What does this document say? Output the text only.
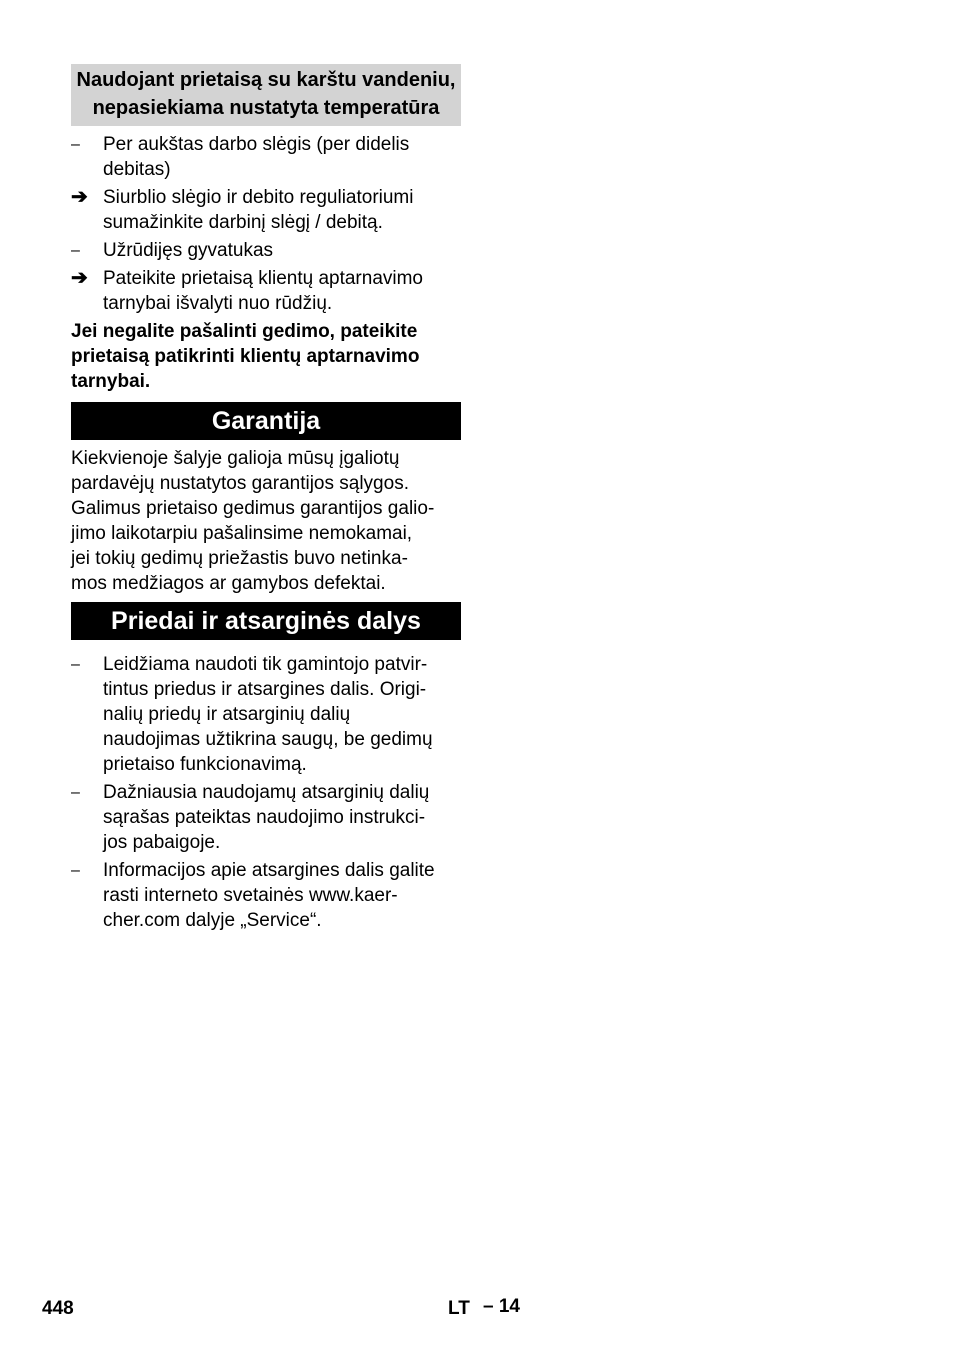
Naudojant prietaisą su karštu vandeniu, nepasiekiama nustatyta temperatūra
–	Per aukštas darbo slėgis (per didelis
debitas)
➔ Siurblio slėgio ir debito reguliatoriumi
sumažinkite darbinį slėgį / debitą.
–	Užrūdijęs gyvatukas
➔ Pateikite prietaisą klientų aptarnavimo
tarnybai išvalyti nuo rūdžių.
Jei negalite pašalinti gedimo, pateikite
prietaisą patikrinti klientų aptarnavimo
tarnybai.
Garantija
Kiekvienoje šalyje galioja mūsų įgaliotų
pardavėjų nustatytos garantijos sąlygos.
Galimus prietaiso gedimus garantijos galio-
jimo laikotarpiu pašalinsime nemokamai,
jei tokių gedimų priežastis buvo netinka-
mos medžiagos ar gamybos defektai.
Priedai ir atsarginės dalys
–	Leidžiama naudoti tik gamintojo patvir-
tintus priedus ir atsargines dalis. Origi-
nalių priedų ir atsarginių dalių
naudojimas užtikrina saugų, be gedimų
prietaiso funkcionavimą.
–	Dažniausia naudojamų atsarginių dalių
sąrašas pateiktas naudojimo instrukci-
jos pabaigoje.
–	Informacijos apie atsargines dalis galite
rasti interneto svetainės www.kaer-
cher.com dalyje „Service“.
448	LT – 14
